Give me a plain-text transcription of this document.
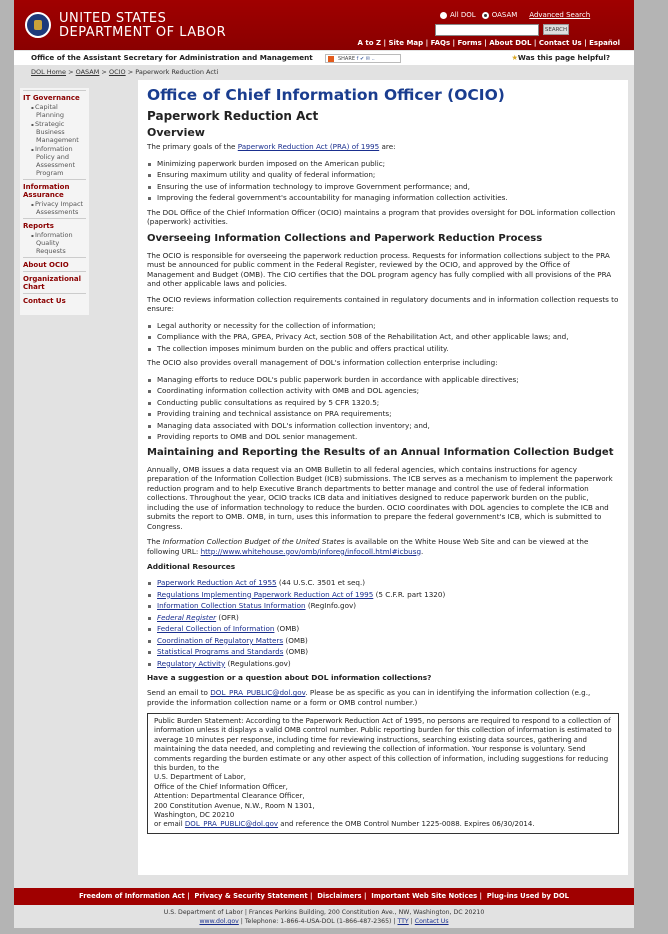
UNITED STATES
DEPARTMENT OF LABOR
All DOL	OASAM Advanced Search
SEARCH
A to Z | Site Map | FAQs | Forms | About DOL | Contact Us | Español
Office of the Assistant Secretary for Administration and Management	SHARE f ✔ ✉ ..	★Was this page helpful?
DOL Home > OASAM > OCIO > Paperwork Reduction Acti
IT Governance
▪ Capital Planning
▪ Strategic Business Management
▪ Information Policy and Assessment Program
Information Assurance
▪ Privacy Impact Assessments
Reports
▪ Information Quality Requests
About OCIO
Organizational Chart
Contact Us
Office of Chief Information Officer (OCIO)
Paperwork Reduction Act
Overview

The primary goals of the Paperwork Reduction Act (PRA) of 1995 are:

Minimizing paperwork burden imposed on the American public;
Ensuring maximum utility and quality of federal information;
Ensuring the use of information technology to improve Government performance; and,
Improving the federal government's accountability for managing information collection activities.

The DOL Office of the Chief Information Officer (OCIO) maintains a program that provides oversight for DOL information collection (paperwork) activities.

Overseeing Information Collections and Paperwork Reduction Process

The OCIO is responsible for overseeing the paperwork reduction process. Requests for information collections subject to the PRA must be announced for public comment in the Federal Register, reviewed by the OCIO, and approved by the Office of Management and Budget (OMB). The CIO certifies that the DOL program agency has fully complied with all provisions of the PRA and other applicable laws and policies.

The OCIO reviews information collection requirements contained in regulatory documents and in information collection requests to ensure:

Legal authority or necessity for the collection of information;
Compliance with the PRA, GPEA, Privacy Act, section 508 of the Rehabilitation Act, and other applicable laws; and,
The collection imposes minimum burden on the public and offers practical utility.

The OCIO also provides overall management of DOL's information collection enterprise including:

Managing efforts to reduce DOL's public paperwork burden in accordance with applicable directives;
Coordinating information collection activity with OMB and DOL agencies;
Conducting public consultations as required by 5 CFR 1320.5;
Providing training and technical assistance on PRA requirements;
Managing data associated with DOL's information collection inventory; and,
Providing reports to OMB and DOL senior management.
Maintaining and Reporting the Results of an Annual Information Collection Budget

Annually, OMB issues a data request via an OMB Bulletin to all federal agencies, which contains instructions for agency preparation of the Information Collection Budget (ICB) submissions. The ICB serves as a mechanism to implement the paperwork reduction program and to help Executive Branch departments to better manage and control the use of federal information collections. Throughout the year, OCIO tracks ICB data and initiatives designed to reduce paperwork burden on the public, including the use of information technology to reduce the burden. OCIO coordinates with DOL agencies to complete the ICB and submits the report to OMB. OMB, in turn, uses this information to prepare the federal government's ICB, which is submitted to Congress.

The Information Collection Budget of the United States is available on the White House Web Site and can be viewed at the following URL: http://www.whitehouse.gov/omb/inforeg/infocoll.html#icbusg.

Additional Resources
Paperwork Reduction Act of 1955 (44 U.S.C. 3501 et seq.)
Regulations Implementing Paperwork Reduction Act of 1995 (5 C.F.R. part 1320)
Information Collection Status Information (RegInfo.gov)
Federal Register (OFR)
Federal Collection of Information (OMB)
Coordination of Regulatory Matters (OMB)
Statistical Programs and Standards (OMB)
Regulatory Activity (Regulations.gov)
Have a suggestion or a question about DOL information collections?

Send an email to DOL_PRA_PUBLIC@dol.gov. Please be as specific as you can in identifying the information collection (e.g., provide the information collection name or a form or OMB control number.)

Public Burden Statement: According to the Paperwork Reduction Act of 1995, no persons are required to respond to a collection of information unless it displays a valid OMB control number. Public reporting burden for this collection of information is estimated to average 10 minutes per response, including time for reviewing instructions, searching existing data sources, gathering and maintaining the data needed, and completing and reviewing the collection of information. Your response is voluntary. Send comments regarding the burden estimate or any other aspect of this collection of information, including suggestions for reducing this burden, to the
U.S. Department of Labor,
Office of the Chief Information Officer,
Attention: Departmental Clearance Officer,
200 Constitution Avenue, N.W., Room N 1301,
Washington, DC 20210
or email DOL_PRA_PUBLIC@dol.gov and reference the OMB Control Number 1225-0088. Expires 06/30/2014.
Freedom of Information Act |  Privacy & Security Statement |  Disclaimers |  Important Web Site Notices |  Plug-ins Used by DOL
U.S. Department of Labor | Frances Perkins Building, 200 Constitution Ave., NW, Washington, DC 20210
www.dol.gov | Telephone: 1-866-4-USA-DOL (1-866-487-2365) | TTY | Contact Us
